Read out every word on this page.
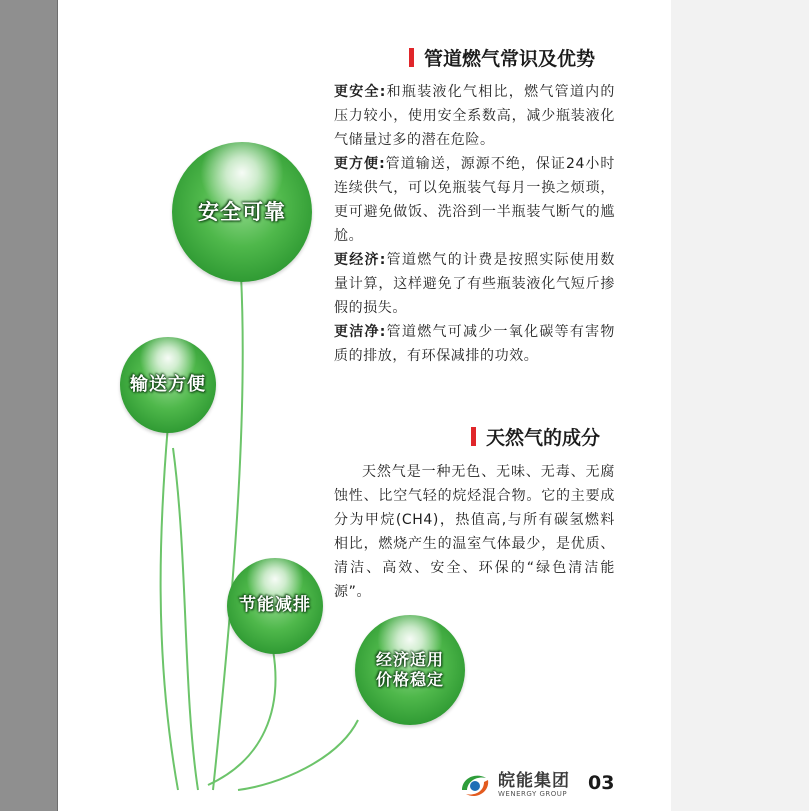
安全可靠
输送方便
节能减排
经济适用
价格稳定
管道燃气常识及优势

更安全:和瓶装液化气相比，燃气管道内的压力较小，使用安全系数高，减少瓶装液化气储量过多的潜在危险。

更方便:管道输送，源源不绝，保证24小时连续供气，可以免瓶装气每月一换之烦琐，更可避免做饭、洗浴到一半瓶装气断气的尴尬。

更经济:管道燃气的计费是按照实际使用数量计算，这样避免了有些瓶装液化气短斤掺假的损失。

更洁净:管道燃气可减少一氧化碳等有害物质的排放，有环保减排的功效。

天然气的成分

天然气是一种无色、无味、无毒、无腐蚀性、比空气轻的烷烃混合物。它的主要成分为甲烷(CH4)，热值高,与所有碳氢燃料相比，燃烧产生的温室气体最少，是优质、清洁、高效、安全、环保的“绿色清洁能源”。

皖能集团
WENERGY GROUP 03
